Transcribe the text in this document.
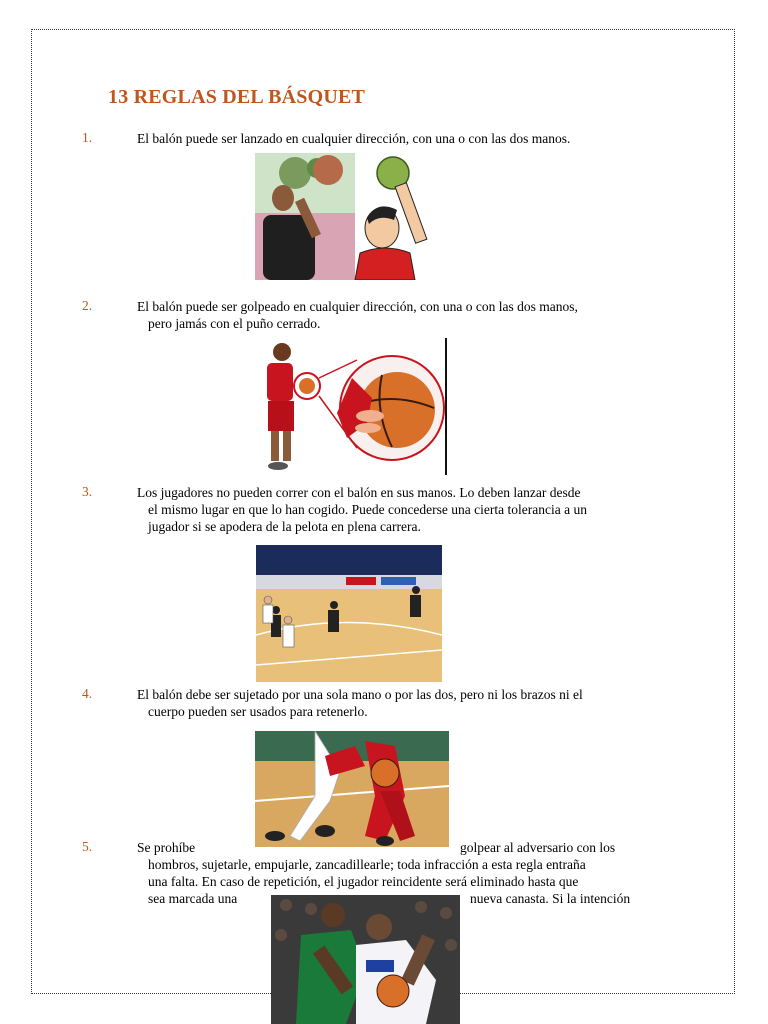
13 REGLAS DEL BÁSQUET
1.	El balón puede ser lanzado en cualquier dirección, con una o con las dos manos.
2.	El balón puede ser golpeado en cualquier dirección, con una o con las dos manos,
pero jamás con el puño cerrado.
3.	Los jugadores no pueden correr con el balón en sus manos. Lo deben lanzar desde
el mismo lugar en que lo han cogido. Puede concederse una cierta tolerancia a un
jugador si se apodera de la pelota en plena carrera.
4.	El balón debe ser sujetado por una sola mano o por las dos, pero ni los brazos ni el
cuerpo pueden ser usados para retenerlo.
5.	Se prohíbe	golpear al adversario con los
hombros, sujetarle, empujarle, zancadillearle; toda infracción a esta regla entraña
una falta. En caso de repetición, el jugador reincidente será eliminado hasta que
sea marcada una	nueva canasta. Si la intención
